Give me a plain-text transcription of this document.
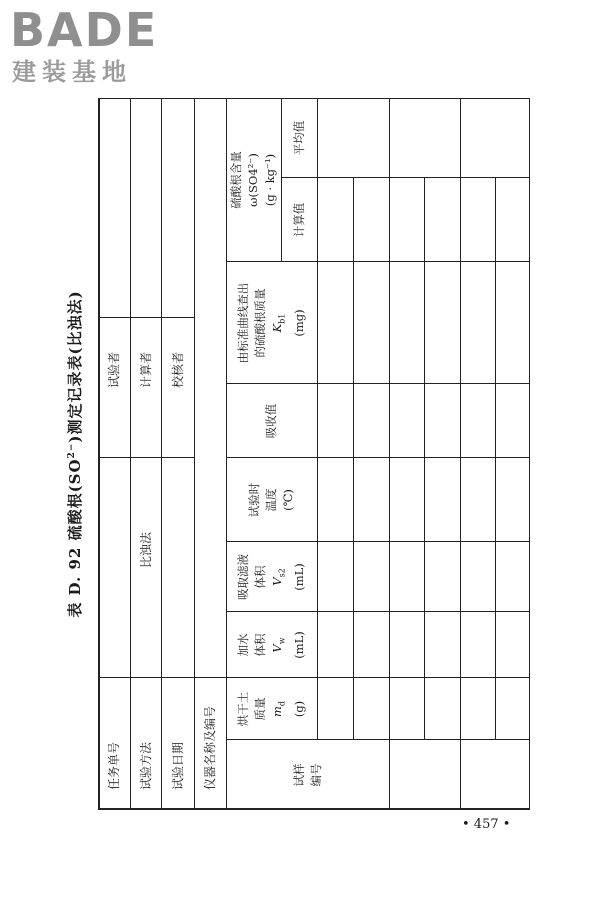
BADE
建装基地
表 D. 92 硫酸根$(SO^{2-})$测定记录表(比浊法)
任务单号 试验方法
比浊法
试验日期 仪器名称及编号
试验者 计算者 校核者
试样 编号
烘干土 质量 $m_d$ (g)
加水 体积 $V_w$ (mL)
吸取滤液 体积 $V_{s2}$ (mL)
试验时 温度 (℃)
吸收值
由标准曲线查出 的硫酸根质量 $K_{b1}$ (mg)
硫酸根含量 ω(SO4²⁻) (g · kg⁻¹)
计算值
平均值
• 457 •
